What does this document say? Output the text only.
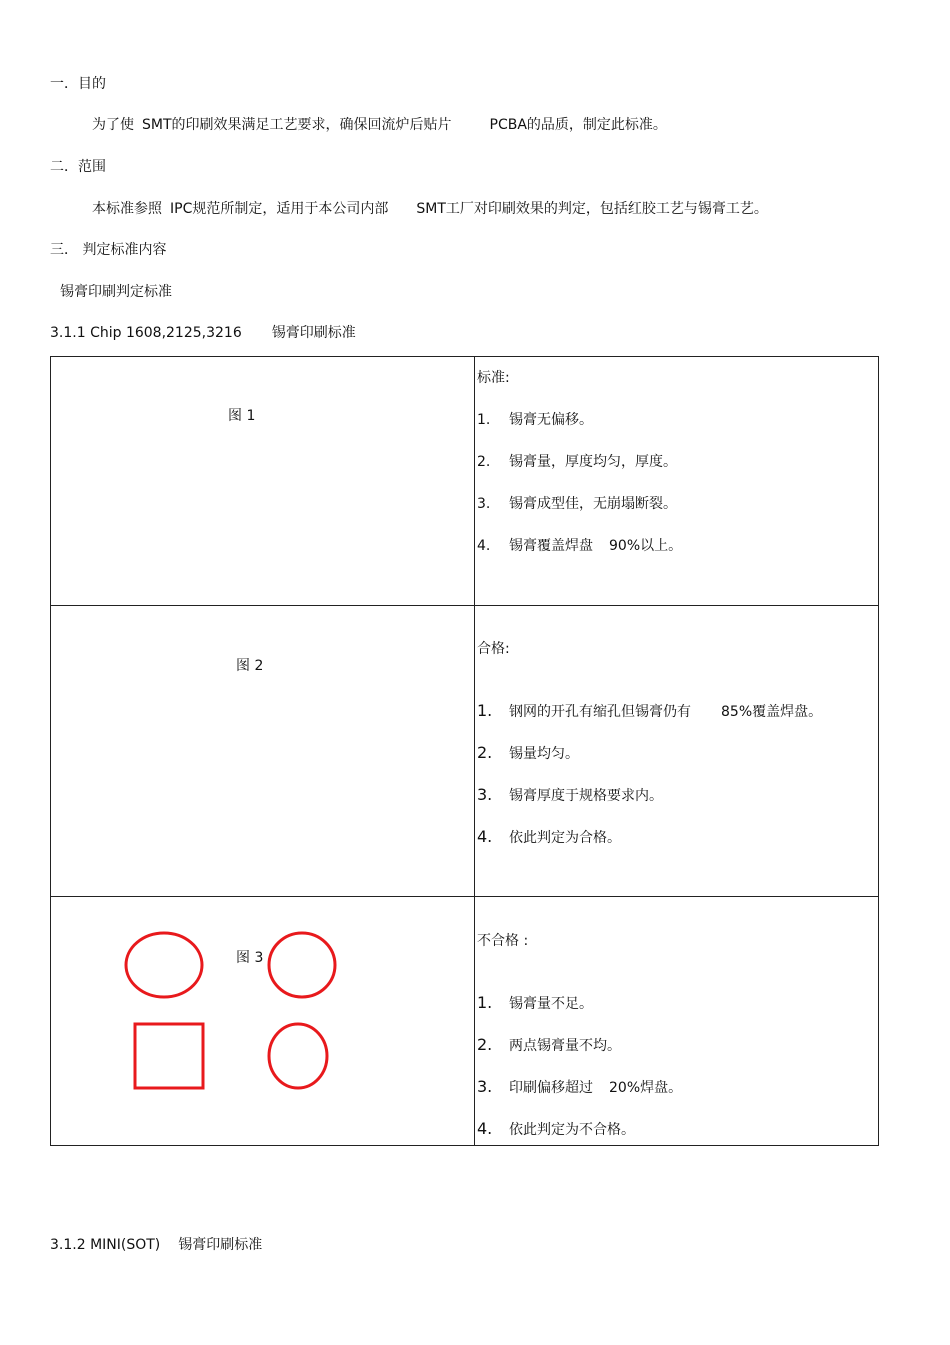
一．目的
为了使 SMT的印刷效果满足工艺要求，确保回流炉后贴片	PCBA的品质，制定此标准。
二．范围
本标准参照 IPC规范所制定，适用于本公司内部 SMT工厂对印刷效果的判定，包括红胶工艺与锡膏工艺。
三． 判定标准内容
锡膏印刷判定标准
3.1.1 Chip 1608,2125,3216 锡膏印刷标准
图 1	标准:
1. 锡膏无偏移。
2. 锡膏量，厚度均匀，厚度。
3. 锡膏成型佳，无崩塌断裂。
4. 锡膏覆盖焊盘 90%以上。

图 2	合格:
1. 钢网的开孔有缩孔但锡膏仍有 85%覆盖焊盘。
2. 锡量均匀。
3. 锡膏厚度于规格要求内。
4. 依此判定为合格。

图 3	不合格 :
1. 锡膏量不足。
2. 两点锡膏量不均。
3. 印刷偏移超过 20%焊盘。
4. 依此判定为不合格。
3.1.2 MINI(SOT) 锡膏印刷标准
